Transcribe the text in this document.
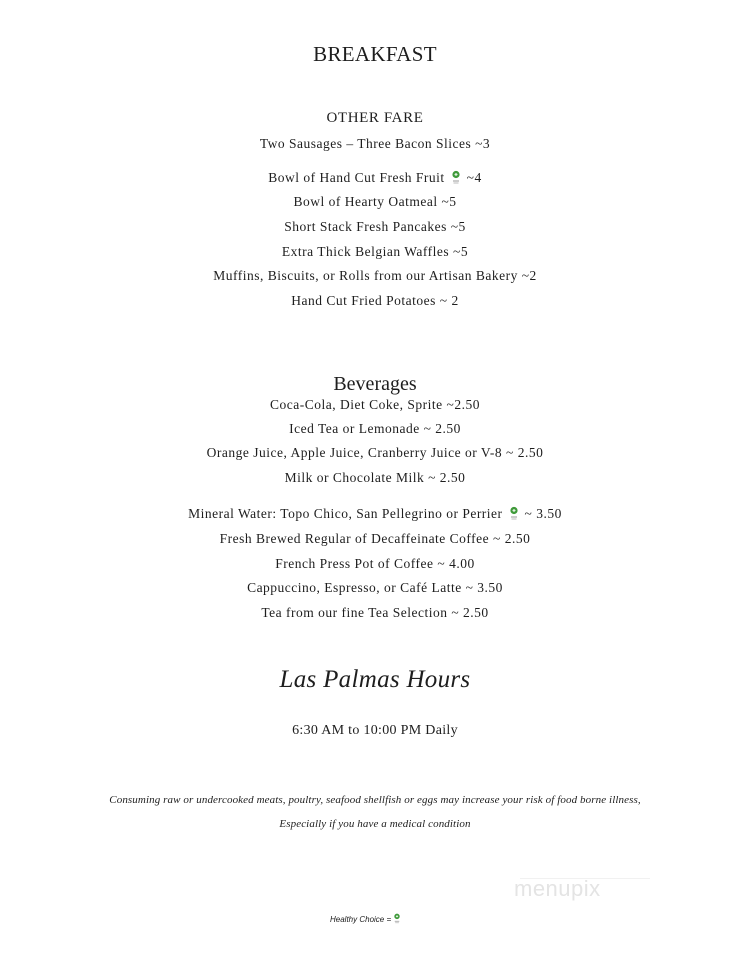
BREAKFAST
OTHER FARE
Two Sausages – Three Bacon Slices ~3
Bowl of Hand Cut Fresh Fruit ~4
Bowl of Hearty Oatmeal ~5
Short Stack Fresh Pancakes ~5
Extra Thick Belgian Waffles ~5
Muffins, Biscuits, or Rolls from our Artisan Bakery ~2
Hand Cut Fried Potatoes ~ 2
Beverages
Coca-Cola, Diet Coke, Sprite ~2.50
Iced Tea or Lemonade ~ 2.50
Orange Juice, Apple Juice, Cranberry Juice or V-8 ~ 2.50
Milk or Chocolate Milk ~ 2.50
Mineral Water: Topo Chico, San Pellegrino or Perrier ~ 3.50
Fresh Brewed Regular of Decaffeinate Coffee ~ 2.50
French Press Pot of Coffee ~ 4.00
Cappuccino, Espresso, or Café Latte ~ 3.50
Tea from our fine Tea Selection ~ 2.50
Las Palmas Hours
6:30 AM to 10:00 PM Daily
Consuming raw or undercooked meats, poultry, seafood shellfish or eggs may increase your risk of food borne illness,
Especially if you have a medical condition
menupix
Healthy Choice =
